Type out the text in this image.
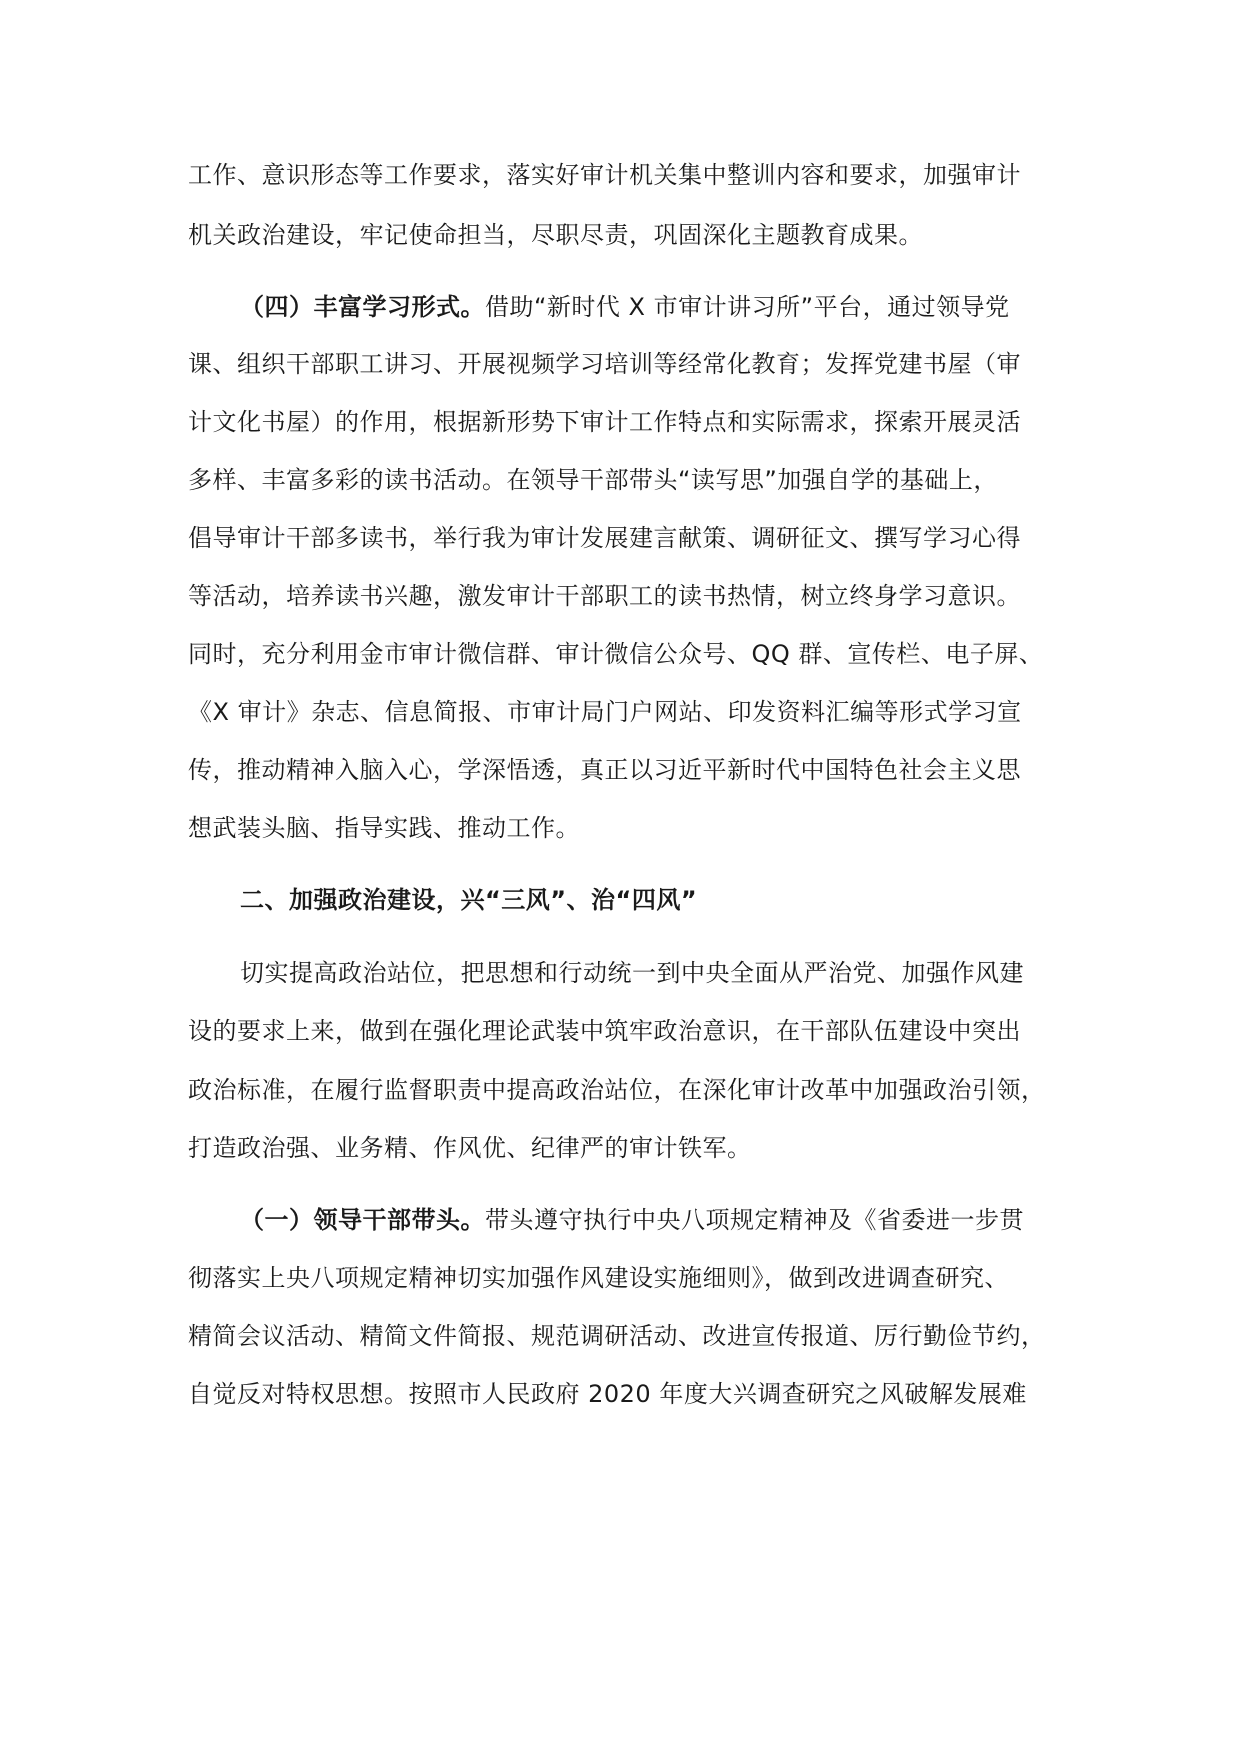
工作、意识形态等工作要求，落实好审计机关集中整训内容和要求，加强审计
机关政治建设，牢记使命担当，尽职尽责，巩固深化主题教育成果。
（四）丰富学习形式。借助“新时代 X 市审计讲习所”平台，通过领导党
课、组织干部职工讲习、开展视频学习培训等经常化教育；发挥党建书屋（审
计文化书屋）的作用，根据新形势下审计工作特点和实际需求，探索开展灵活
多样、丰富多彩的读书活动。在领导干部带头“读写思”加强自学的基础上，
倡导审计干部多读书，举行我为审计发展建言献策、调研征文、撰写学习心得
等活动，培养读书兴趣，激发审计干部职工的读书热情，树立终身学习意识。
同时，充分利用金市审计微信群、审计微信公众号、QQ 群、宣传栏、电子屏、
《X 审计》杂志、信息简报、市审计局门户网站、印发资料汇编等形式学习宣
传，推动精神入脑入心，学深悟透，真正以习近平新时代中国特色社会主义思
想武装头脑、指导实践、推动工作。
二、加强政治建设，兴“三风”、治“四风”
切实提高政治站位，把思想和行动统一到中央全面从严治党、加强作风建
设的要求上来，做到在强化理论武装中筑牢政治意识，在干部队伍建设中突出
政治标准，在履行监督职责中提高政治站位，在深化审计改革中加强政治引领，
打造政治强、业务精、作风优、纪律严的审计铁军。
（一）领导干部带头。带头遵守执行中央八项规定精神及《省委进一步贯
彻落实上央八项规定精神切实加强作风建设实施细则》，做到改进调查研究、
精简会议活动、精简文件简报、规范调研活动、改进宣传报道、厉行勤俭节约，
自觉反对特权思想。按照市人民政府 2020 年度大兴调查研究之风破解发展难
